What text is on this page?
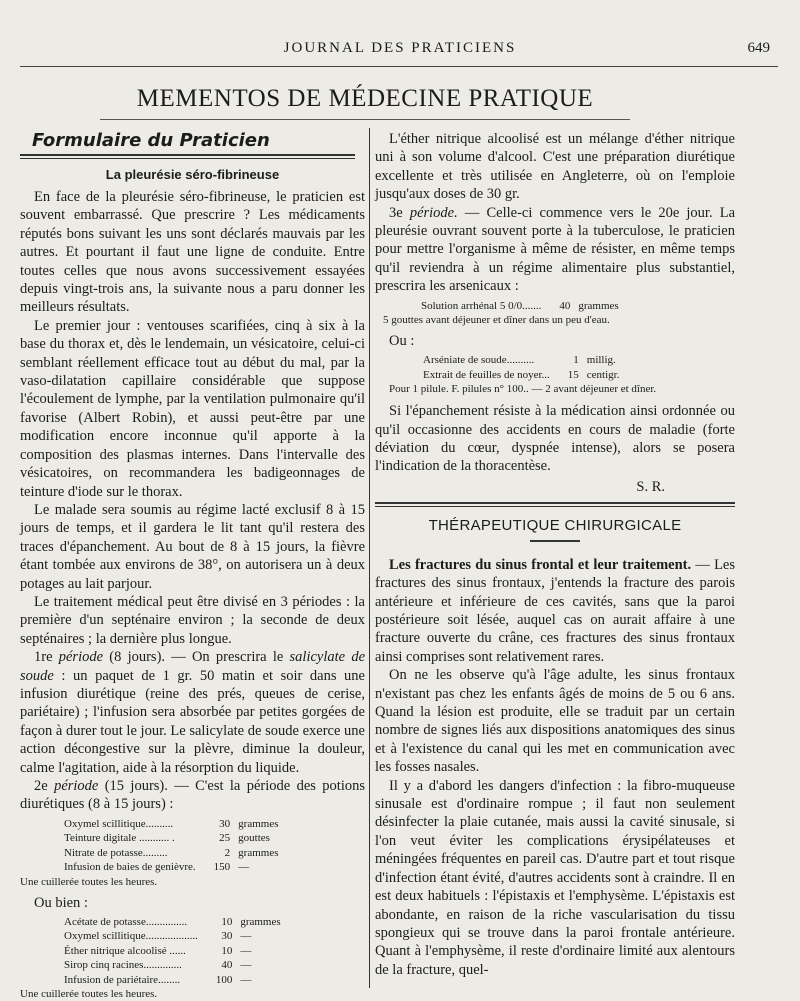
JOURNAL DES PRATICIENS	649
MEMENTOS DE MÉDECINE PRATIQUE
Formulaire du Praticien
La pleurésie séro-fibrineuse

En face de la pleurésie séro-fibrineuse, le praticien est souvent embarrassé. Que prescrire ? Les médicaments réputés bons suivant les uns sont déclarés mauvais par les autres. Et pourtant il faut une ligne de conduite. Entre toutes celles que nous avons successivement essayées depuis vingt-trois ans, la suivante nous a paru donner les meilleurs résultats.

Le premier jour : ventouses scarifiées, cinq à six à la base du thorax et, dès le lendemain, un vésicatoire, celui-ci semblant réellement efficace tout au début du mal, par la vaso-dilatation capillaire considérable que suppose l'écoulement de lymphe, par la ventilation pulmonaire qu'il favorise (Albert Robin), et aussi peut-être par une modification encore inconnue qu'il apporte à la composition des plasmas internes. Dans l'intervalle des vésicatoires, on recommandera les badigeonnages de teinture d'iode sur le thorax.

Le malade sera soumis au régime lacté exclusif 8 à 15 jours de temps, et il gardera le lit tant qu'il restera des traces d'épanchement. Au bout de 8 à 15 jours, la fièvre étant tombée aux environs de 38°, on autorisera un à deux potages au lait parjour.

Le traitement médical peut être divisé en 3 périodes : la première d'un septénaire environ ; la seconde de deux septénaires ; la dernière plus longue.

1re période (8 jours). — On prescrira le salicylate de soude : un paquet de 1 gr. 50 matin et soir dans une infusion diurétique (reine des prés, queues de cerise, pariétaire) ; l'infusion sera absorbée par petites gorgées de façon à durer tout le jour. Le salicylate de soude exerce une action décongestive sur la plèvre, diminue la douleur, calme l'agitation, aide à la résorption du liquide.

2e période (15 jours). — C'est la période des potions diurétiques (8 à 15 jours) :

Oxymel scillitique..........	30	grammes
Teinture digitale ........... .	25	gouttes
Nitrate de potasse.........	2	grammes
Infusion de baies de genièvre.	150	—

Une cuillerée toutes les heures.

Ou bien :
Acétate de potasse...............	10	grammes
Oxymel scillitique...................	30	—
Éther nitrique alcoolisé ......	10	—
Sirop cinq racines..............	40	—
Infusion de pariétaire........	100	—

Une cuillerée toutes les heures.

L'éther nitrique alcoolisé est un mélange d'éther nitrique uni à son volume d'alcool. C'est une préparation diurétique excellente et très utilisée en Angleterre, où on l'emploie jusqu'aux doses de 30 gr.

3e période. — Celle-ci commence vers le 20e jour. La pleurésie ouvrant souvent porte à la tuberculose, le praticien pour mettre l'organisme à même de résister, en même temps qu'il reviendra à un régime alimentaire plus substantiel, prescrira les arsenicaux :

Solution arrhénal 5 0/0.......	40	grammes

5 gouttes avant déjeuner et dîner dans un peu d'eau.

Ou :
Arséniate de soude..........	1	millig.
Extrait de feuilles de noyer...	15	centigr.

Pour 1 pilule. F. pilules n° 100.. — 2 avant déjeuner et dîner.

Si l'épanchement résiste à la médication ainsi ordonnée ou qu'il occasionne des accidents en cours de maladie (forte déviation du cœur, dyspnée intense), alors se posera l'indication de la thoracentèse.

S. R.
THÉRAPEUTIQUE CHIRURGICALE

Les fractures du sinus frontal et leur traitement. — Les fractures des sinus frontaux, j'entends la fracture des parois antérieure et inférieure de ces cavités, sans que la paroi postérieure soit lésée, auquel cas on aurait affaire à une fracture ouverte du crâne, ces fractures des sinus frontaux ainsi comprises sont relativement rares.

On ne les observe qu'à l'âge adulte, les sinus frontaux n'existant pas chez les enfants âgés de moins de 5 ou 6 ans. Quand la lésion est produite, elle se traduit par un certain nombre de signes liés aux dispositions anatomiques des sinus et à l'existence du canal qui les met en communication avec les fosses nasales.

Il y a d'abord les dangers d'infection : la fibro-muqueuse sinusale est d'ordinaire rompue ; il faut non seulement désinfecter la plaie cutanée, mais aussi la cavité sinusale, si l'on veut éviter les complications érysipélateuses et méningées fréquentes en pareil cas. D'autre part et tout risque d'infection étant évité, d'autres accidents sont à craindre. Il en est deux habituels : l'épistaxis et l'emphysème. L'épistaxis est abondante, en raison de la riche vascularisation du tissu spongieux qui se trouve dans la paroi frontale antérieure. Quant à l'emphysème, il reste d'ordinaire limité aux alentours de la fracture, quel-
